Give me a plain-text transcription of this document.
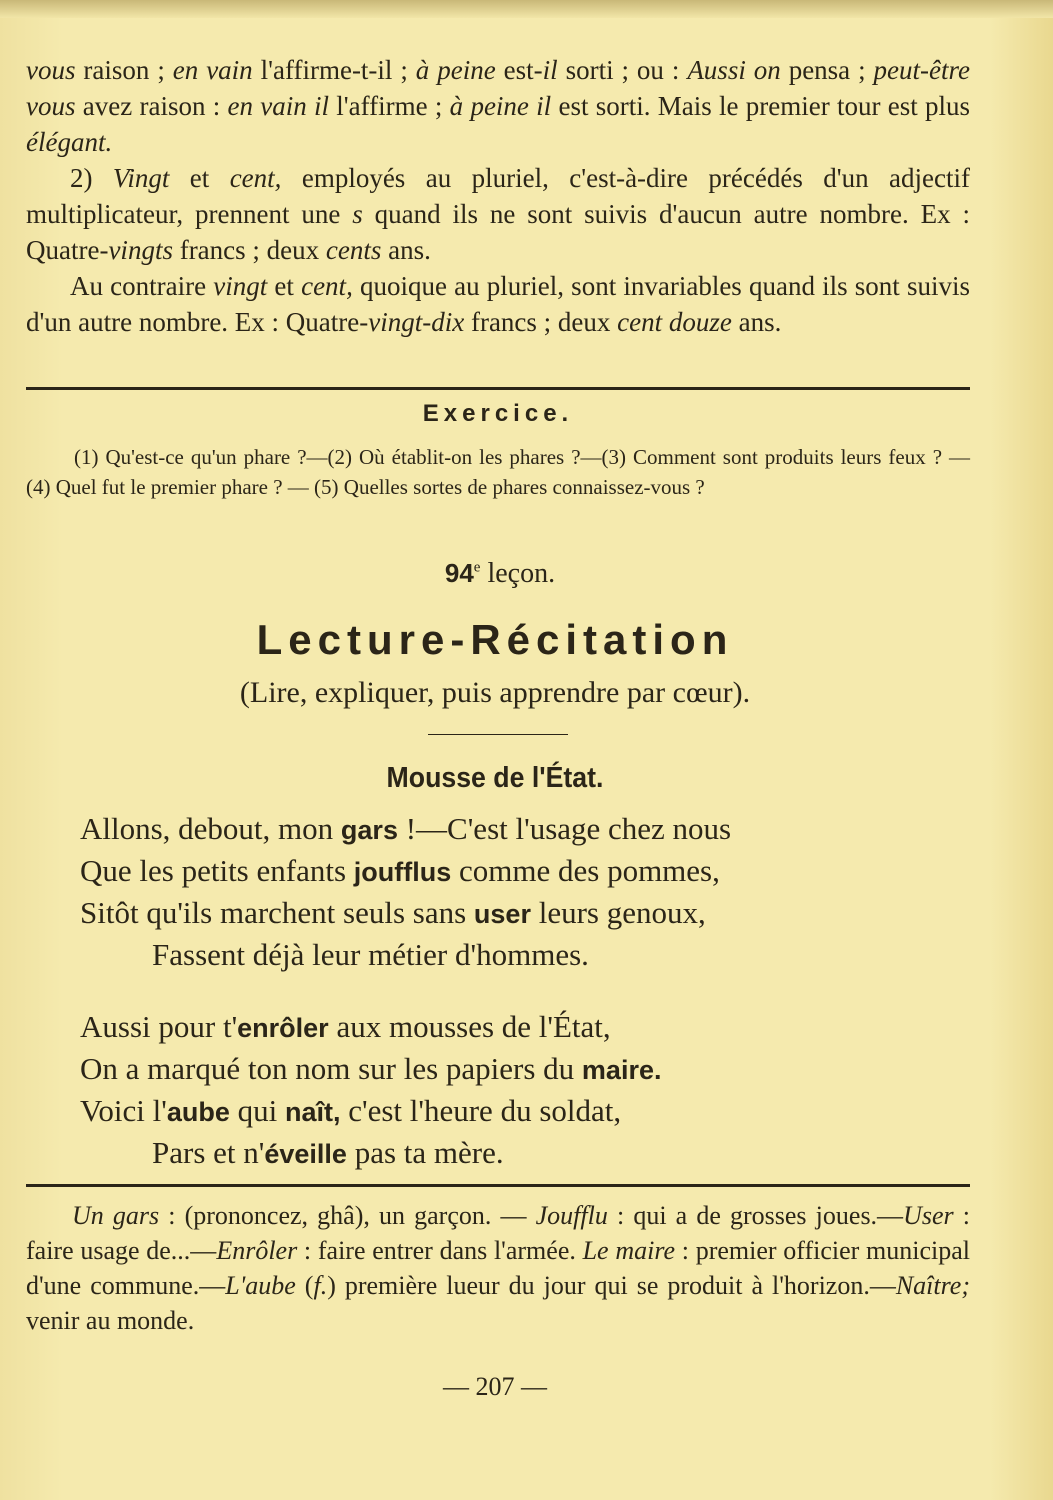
vous raison ; en vain l'affirme-t-il ; à peine est-il sorti ; ou : Aussi on pensa ; peut-être vous avez raison : en vain il l'affirme ; à peine il est sorti. Mais le premier tour est plus élégant.

2) Vingt et cent, employés au pluriel, c'est-à-dire précédés d'un adjectif multiplicateur, prennent une s quand ils ne sont suivis d'aucun autre nombre. Ex : Quatre-vingts francs ; deux cents ans.

Au contraire vingt et cent, quoique au pluriel, sont invariables quand ils sont suivis d'un autre nombre. Ex : Quatre-vingt-dix francs ; deux cent douze ans.

Exercice.

(1) Qu'est-ce qu'un phare ?—(2) Où établit-on les phares ?—(3) Comment sont produits leurs feux ? — (4) Quel fut le premier phare ? — (5) Quelles sortes de phares connaissez-vous ?

94e leçon.
Lecture-Récitation
(Lire, expliquer, puis apprendre par cœur).
Mousse de l'État.
Allons, debout, mon gars !—C'est l'usage chez nous
Que les petits enfants joufflus comme des pommes,
Sitôt qu'ils marchent seuls sans user leurs genoux,
Fassent déjà leur métier d'hommes.
Aussi pour t'enrôler aux mousses de l'État,
On a marqué ton nom sur les papiers du maire.
Voici l'aube qui naît, c'est l'heure du soldat,
Pars et n'éveille pas ta mère.

Un gars : (prononcez, ghâ), un garçon. — Joufflu : qui a de grosses joues.—User : faire usage de...—Enrôler : faire entrer dans l'armée. Le maire : premier officier municipal d'une commune.—L'aube (f.) première lueur du jour qui se produit à l'horizon.—Naître; venir au monde.

— 207 —
